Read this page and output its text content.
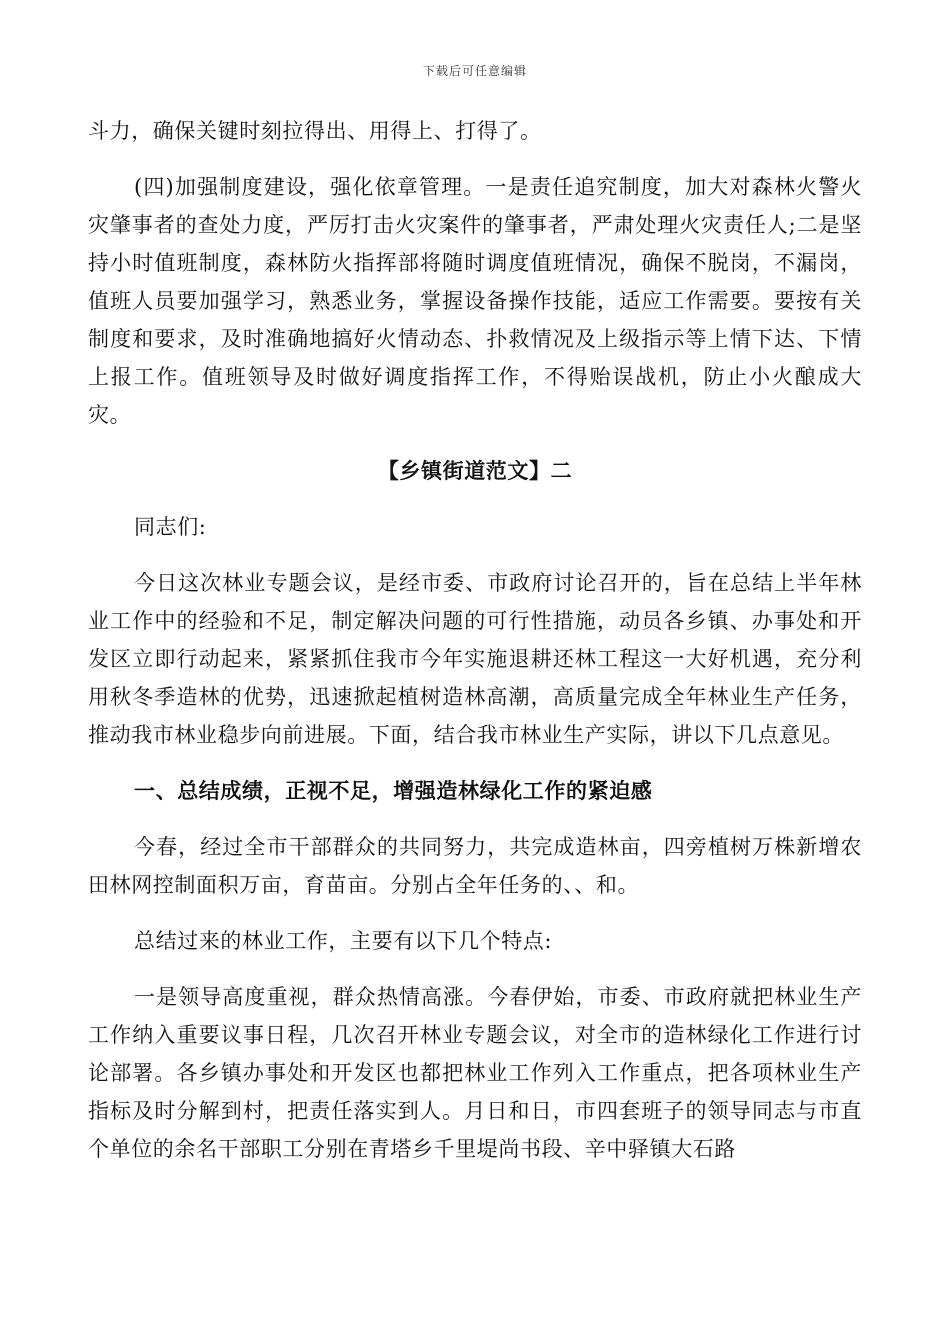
下载后可任意编辑

斗力，确保关键时刻拉得出、用得上、打得了。

(四)加强制度建设，强化依章管理。一是责任追究制度，加大对森林火警火灾肇事者的查处力度，严厉打击火灾案件的肇事者，严肃处理火灾责任人;二是坚持小时值班制度，森林防火指挥部将随时调度值班情况，确保不脱岗，不漏岗，值班人员要加强学习，熟悉业务，掌握设备操作技能，适应工作需要。要按有关制度和要求，及时准确地搞好火情动态、扑救情况及上级指示等上情下达、下情上报工作。值班领导及时做好调度指挥工作，不得贻误战机，防止小火酿成大灾。

【乡镇街道范文】二

同志们:

今日这次林业专题会议，是经市委、市政府讨论召开的，旨在总结上半年林业工作中的经验和不足，制定解决问题的可行性措施，动员各乡镇、办事处和开发区立即行动起来，紧紧抓住我市今年实施退耕还林工程这一大好机遇，充分利用秋冬季造林的优势，迅速掀起植树造林高潮，高质量完成全年林业生产任务，推动我市林业稳步向前进展。下面，结合我市林业生产实际，讲以下几点意见。

一、总结成绩，正视不足，增强造林绿化工作的紧迫感

今春，经过全市干部群众的共同努力，共完成造林亩，四旁植树万株新增农田林网控制面积万亩，育苗亩。分别占全年任务的、、和。

总结过来的林业工作，主要有以下几个特点:

一是领导高度重视，群众热情高涨。今春伊始，市委、市政府就把林业生产工作纳入重要议事日程，几次召开林业专题会议，对全市的造林绿化工作进行讨论部署。各乡镇办事处和开发区也都把林业工作列入工作重点，把各项林业生产指标及时分解到村，把责任落实到人。月日和日，市四套班子的领导同志与市直个单位的余名干部职工分别在青塔乡千里堤尚书段、辛中驿镇大石路
